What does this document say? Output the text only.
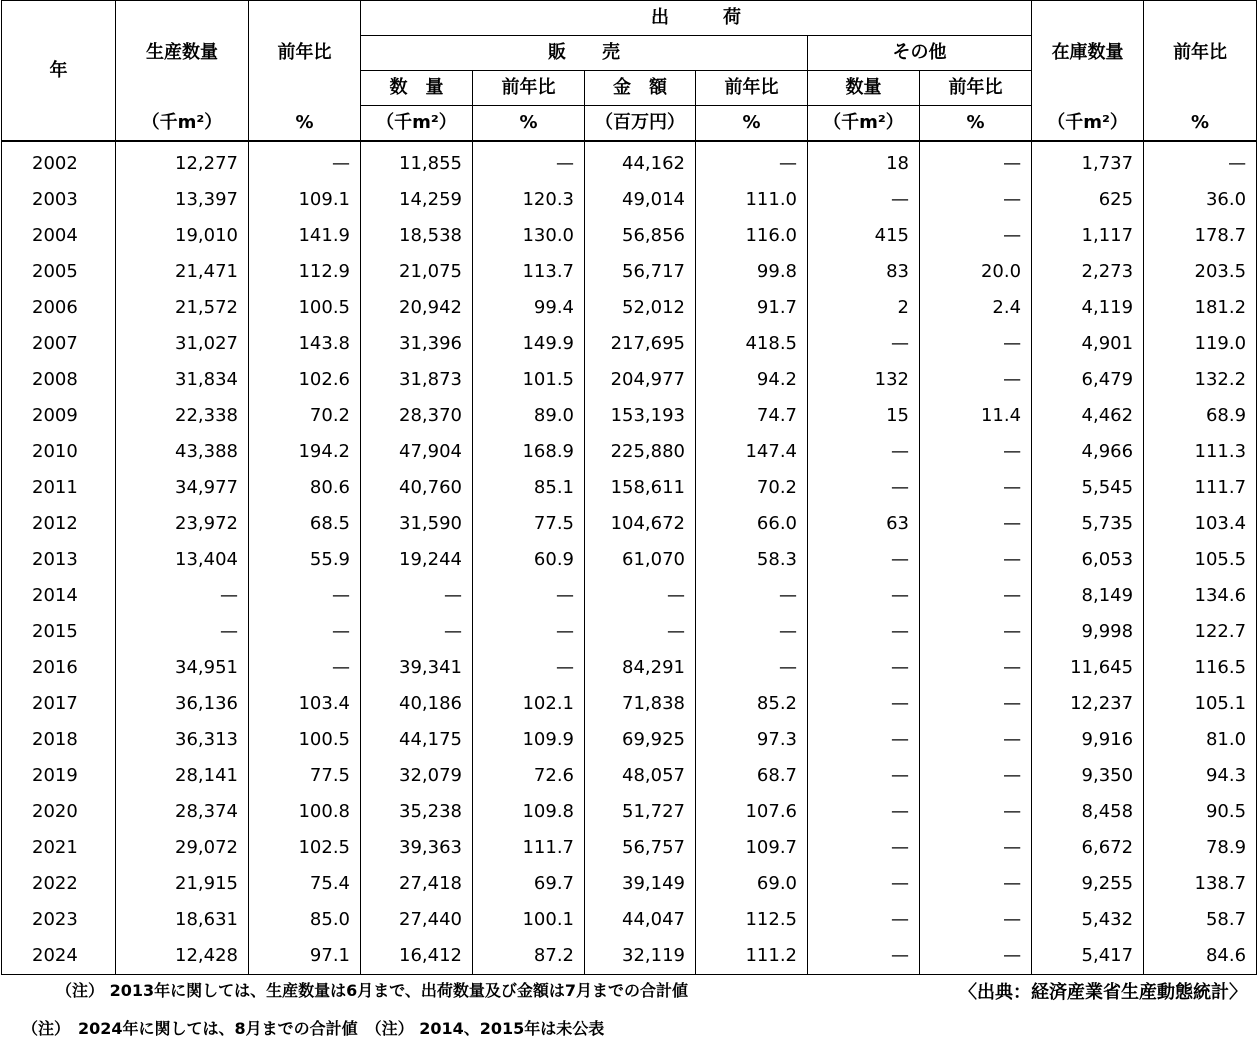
年	生産数量	前年比	出　　　荷						在庫数量	前年比
			販　　売				その他			
			数　量	前年比	金　額	前年比	数量	前年比		
	（千m²）	%	（千m²）	%	（百万円）	%	（千m²）	%	（千m²）	%
2002	12,277	—	11,855	—	44,162	—	18	—	1,737	—
2003	13,397	109.1	14,259	120.3	49,014	111.0	—	—	625	36.0
2004	19,010	141.9	18,538	130.0	56,856	116.0	415	—	1,117	178.7
2005	21,471	112.9	21,075	113.7	56,717	99.8	83	20.0	2,273	203.5
2006	21,572	100.5	20,942	99.4	52,012	91.7	2	2.4	4,119	181.2
2007	31,027	143.8	31,396	149.9	217,695	418.5	—	—	4,901	119.0
2008	31,834	102.6	31,873	101.5	204,977	94.2	132	—	6,479	132.2
2009	22,338	70.2	28,370	89.0	153,193	74.7	15	11.4	4,462	68.9
2010	43,388	194.2	47,904	168.9	225,880	147.4	—	—	4,966	111.3
2011	34,977	80.6	40,760	85.1	158,611	70.2	—	—	5,545	111.7
2012	23,972	68.5	31,590	77.5	104,672	66.0	63	—	5,735	103.4
2013	13,404	55.9	19,244	60.9	61,070	58.3	—	—	6,053	105.5
2014	—	—	—	—	—	—	—	—	8,149	134.6
2015	—	—	—	—	—	—	—	—	9,998	122.7
2016	34,951	—	39,341	—	84,291	—	—	—	11,645	116.5
2017	36,136	103.4	40,186	102.1	71,838	85.2	—	—	12,237	105.1
2018	36,313	100.5	44,175	109.9	69,925	97.3	—	—	9,916	81.0
2019	28,141	77.5	32,079	72.6	48,057	68.7	—	—	9,350	94.3
2020	28,374	100.8	35,238	109.8	51,727	107.6	—	—	8,458	90.5
2021	29,072	102.5	39,363	111.7	56,757	109.7	—	—	6,672	78.9
2022	21,915	75.4	27,418	69.7	39,149	69.0	—	—	9,255	138.7
2023	18,631	85.0	27,440	100.1	44,047	112.5	—	—	5,432	58.7
2024	12,428	97.1	16,412	87.2	32,119	111.2	—	—	5,417	84.6
（注） 2013年に関しては、生産数量は6月まで、出荷数量及び金額は7月までの合計値	〈出典：経済産業省生産動態統計〉
（注）　2024年に関しては、8月までの合計値　（注） 2014、2015年は未公表
